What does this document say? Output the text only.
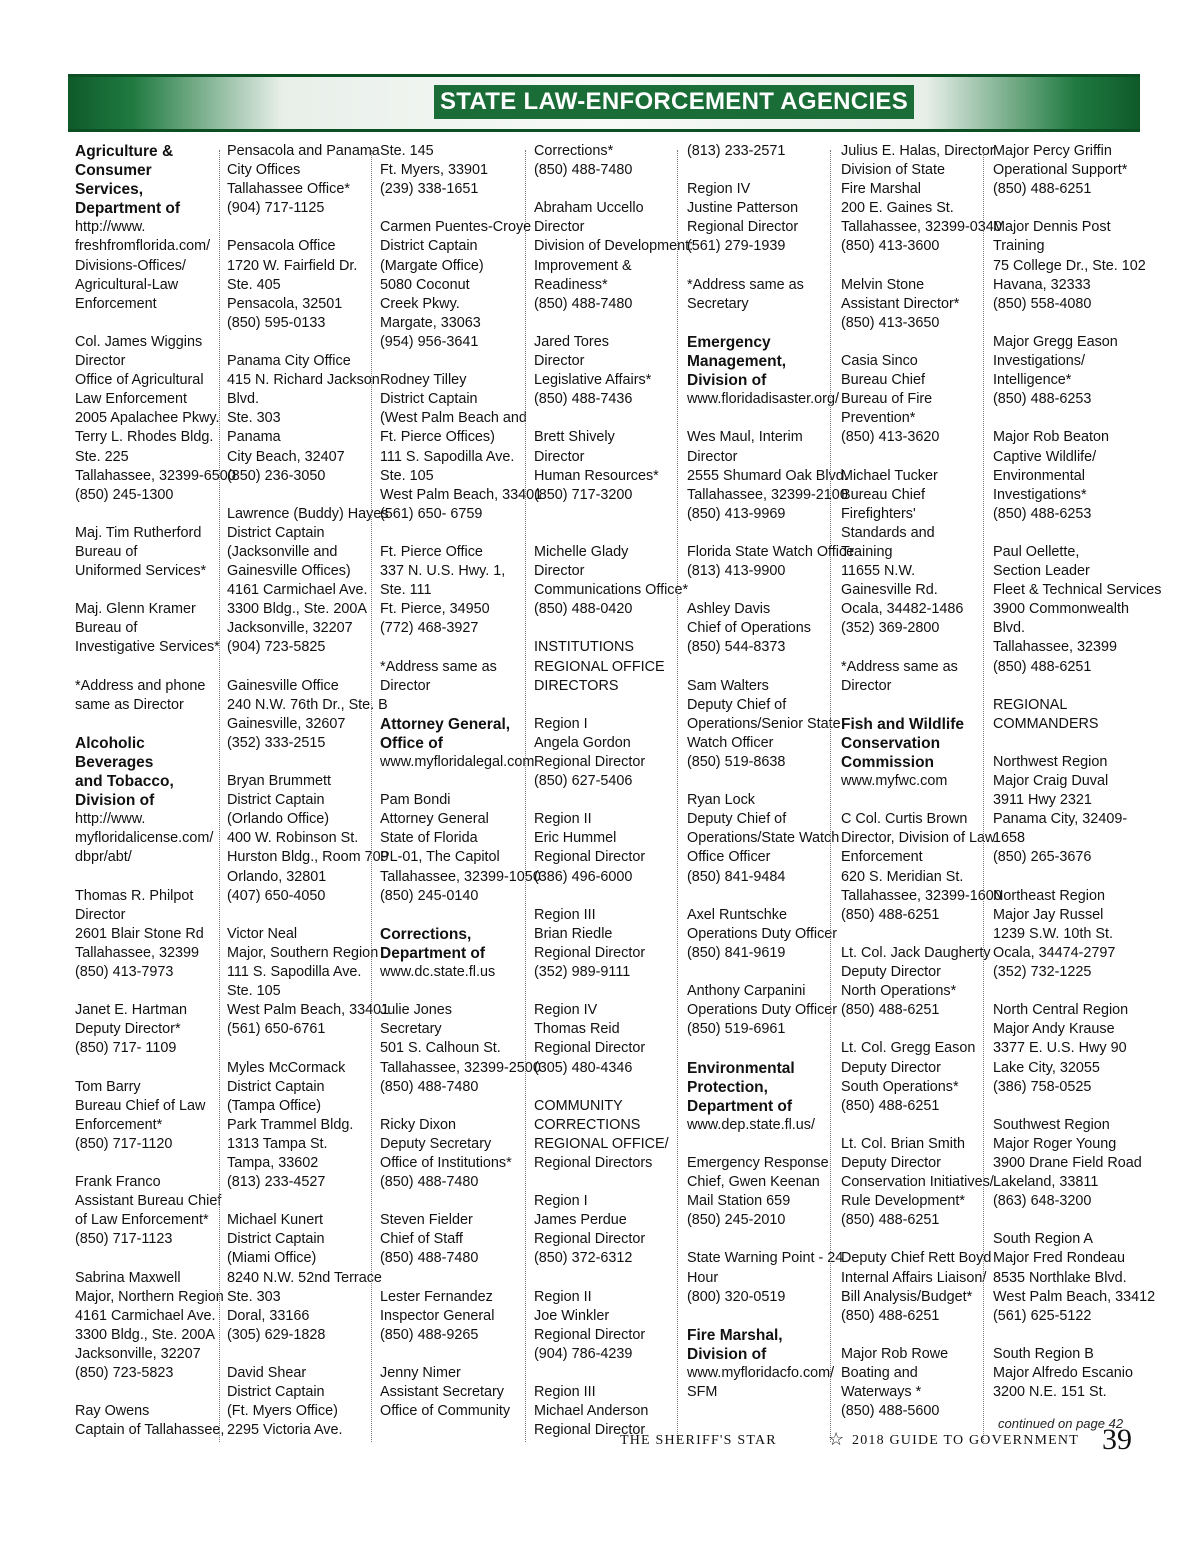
STATE LAW-ENFORCEMENT AGENCIES
Agriculture &
Consumer
Services,
Department of
http://www.
freshfromflorida.com/
Divisions-Offices/
Agricultural-Law
Enforcement
Col. James Wiggins
Director
Office of Agricultural
Law Enforcement
2005 Apalachee Pkwy.
Terry L. Rhodes Bldg.
Ste. 225
Tallahassee, 32399-6500
(850) 245-1300
Maj. Tim Rutherford
Bureau of
Uniformed Services*
Maj. Glenn Kramer
Bureau of
Investigative Services*
*Address and phone
same as Director
Alcoholic
Beverages
and Tobacco,
Division of
http://www.
myfloridalicense.com/
dbpr/abt/
Thomas R. Philpot
Director
2601 Blair Stone Rd
Tallahassee, 32399
(850) 413-7973
Janet E. Hartman
Deputy Director*
(850) 717- 1109
Tom Barry
Bureau Chief of Law
Enforcement*
(850) 717-1120
Frank Franco
Assistant Bureau Chief
of Law Enforcement*
(850) 717-1123
Sabrina Maxwell
Major, Northern Region
4161 Carmichael Ave.
3300 Bldg., Ste. 200A
Jacksonville, 32207
(850) 723-5823
Ray Owens
Captain of Tallahassee,
Pensacola and Panama
City Offices
Tallahassee Office*
(904) 717-1125
Pensacola Office
1720 W. Fairfield Dr.
Ste. 405
Pensacola, 32501
(850) 595-0133
Panama City Office
415 N. Richard Jackson
Blvd.
Ste. 303
Panama
City Beach, 32407
(850) 236-3050
Lawrence (Buddy) Hayes
District Captain
(Jacksonville and
Gainesville Offices)
4161 Carmichael Ave.
3300 Bldg., Ste. 200A
Jacksonville, 32207
(904) 723-5825
Gainesville Office
240 N.W. 76th Dr., Ste. B
Gainesville, 32607
(352) 333-2515
Bryan Brummett
District Captain
(Orlando Office)
400 W. Robinson St.
Hurston Bldg., Room 709
Orlando, 32801
(407) 650-4050
Victor Neal
Major, Southern Region
111 S. Sapodilla Ave.
Ste. 105
West Palm Beach, 33401
(561) 650-6761
Myles McCormack
District Captain
(Tampa Office)
Park Trammel Bldg.
1313 Tampa St.
Tampa, 33602
(813) 233-4527
Michael Kunert
District Captain
(Miami Office)
8240 N.W. 52nd Terrace
Ste. 303
Doral, 33166
(305) 629-1828
David Shear
District Captain
(Ft. Myers Office)
2295 Victoria Ave.
Ste. 145
Ft. Myers, 33901
(239) 338-1651
Carmen Puentes-Croye
District Captain
(Margate Office)
5080 Coconut
Creek Pkwy.
Margate, 33063
(954) 956-3641
Rodney Tilley
District Captain
(West Palm Beach and
Ft. Pierce Offices)
111 S. Sapodilla Ave.
Ste. 105
West Palm Beach, 33401
(561) 650- 6759
Ft. Pierce Office
337 N. U.S. Hwy. 1,
Ste. 111
Ft. Pierce, 34950
(772) 468-3927
*Address same as
Director
Attorney General,
Office of
www.myfloridalegal.com
Pam Bondi
Attorney General
State of Florida
PL-01, The Capitol
Tallahassee, 32399-1050
(850) 245-0140
Corrections,
Department of
www.dc.state.fl.us
Julie Jones
Secretary
501 S. Calhoun St.
Tallahassee, 32399-2500
(850) 488-7480
Ricky Dixon
Deputy Secretary
Office of Institutions*
(850) 488-7480
Steven Fielder
Chief of Staff
(850) 488-7480
Lester Fernandez
Inspector General
(850) 488-9265
Jenny Nimer
Assistant Secretary
Office of Community
Corrections*
(850) 488-7480
Abraham Uccello
Director
Division of Development:
Improvement &
Readiness*
(850) 488-7480
Jared Tores
Director
Legislative Affairs*
(850) 488-7436
Brett Shively
Director
Human Resources*
(850) 717-3200

Michelle Glady
Director
Communications Office*
(850) 488-0420
INSTITUTIONS
REGIONAL OFFICE
DIRECTORS
Region I
Angela Gordon
Regional Director
(850) 627-5406
Region II
Eric Hummel
Regional Director
(386) 496-6000
Region III
Brian Riedle
Regional Director
(352) 989-9111
Region IV
Thomas Reid
Regional Director
(305) 480-4346
COMMUNITY
CORRECTIONS
REGIONAL OFFICE/
Regional Directors
Region I
James Perdue
Regional Director
(850) 372-6312
Region II
Joe Winkler
Regional Director
(904) 786-4239
Region III
Michael Anderson
Regional Director
(813) 233-2571
Region IV
Justine Patterson
Regional Director
(561) 279-1939
*Address same as
Secretary
Emergency
Management,
Division of
www.floridadisaster.org/
Wes Maul, Interim
Director
2555 Shumard Oak Blvd.
Tallahassee, 32399-2100
(850) 413-9969
Florida State Watch Office
(813) 413-9900
Ashley Davis
Chief of Operations
(850) 544-8373
Sam Walters
Deputy Chief of
Operations/Senior State
Watch Officer
(850) 519-8638
Ryan Lock
Deputy Chief of
Operations/State Watch
Office Officer
(850) 841-9484
Axel Runtschke
Operations Duty Officer
(850) 841-9619
Anthony Carpanini
Operations Duty Officer
(850) 519-6961
Environmental
Protection,
Department of
www.dep.state.fl.us/
Emergency Response
Chief, Gwen Keenan
Mail Station 659
(850) 245-2010
State Warning Point - 24
Hour
(800) 320-0519
Fire Marshal,
Division of
www.myfloridacfo.com/
SFM
Julius E. Halas, Director
Division of State
Fire Marshal
200 E. Gaines St.
Tallahassee, 32399-0340
(850) 413-3600
Melvin Stone
Assistant Director*
(850) 413-3650
Casia Sinco
Bureau Chief
Bureau of Fire
Prevention*
(850) 413-3620
Michael Tucker
Bureau Chief
Firefighters'
Standards and
Training
11655 N.W.
Gainesville Rd.
Ocala, 34482-1486
(352) 369-2800
*Address same as
Director
Fish and Wildlife
Conservation
Commission
www.myfwc.com
C Col. Curtis Brown
Director, Division of Law
Enforcement
620 S. Meridian St.
Tallahassee, 32399-1600
(850) 488-6251
Lt. Col. Jack Daugherty
Deputy Director
North Operations*
(850) 488-6251
Lt. Col. Gregg Eason
Deputy Director
South Operations*
(850) 488-6251
Lt. Col. Brian Smith
Deputy Director
Conservation Initiatives/
Rule Development*
(850) 488-6251
Deputy Chief Rett Boyd
Internal Affairs Liaison/
Bill Analysis/Budget*
(850) 488-6251
Major Rob Rowe
Boating and
Waterways *
(850) 488-5600
Major Percy Griffin
Operational Support*
(850) 488-6251
Major Dennis Post
Training
75 College Dr., Ste. 102
Havana, 32333
(850) 558-4080
Major Gregg Eason
Investigations/
Intelligence*
(850) 488-6253
Major Rob Beaton
Captive Wildlife/
Environmental
Investigations*
(850) 488-6253
Paul Oellette,
Section Leader
Fleet & Technical Services
3900 Commonwealth
Blvd.
Tallahassee, 32399
(850) 488-6251
REGIONAL
COMMANDERS
Northwest Region
Major Craig Duval
3911 Hwy 2321
Panama City, 32409-
1658
(850) 265-3676
Northeast Region
Major Jay Russel
1239 S.W. 10th St.
Ocala, 34474-2797
(352) 732-1225
North Central Region
Major Andy Krause
3377 E. U.S. Hwy 90
Lake City, 32055
(386) 758-0525
Southwest Region
Major Roger Young
3900 Drane Field Road
Lakeland, 33811
(863) 648-3200
South Region A
Major Fred Rondeau
8535 Northlake Blvd.
West Palm Beach, 33412
(561) 625-5122
South Region B
Major Alfredo Escanio
3200 N.E. 151 St.
continued on page 42
THE SHERIFF'S STAR	☆ 2018 GUIDE TO GOVERNMENT 39
